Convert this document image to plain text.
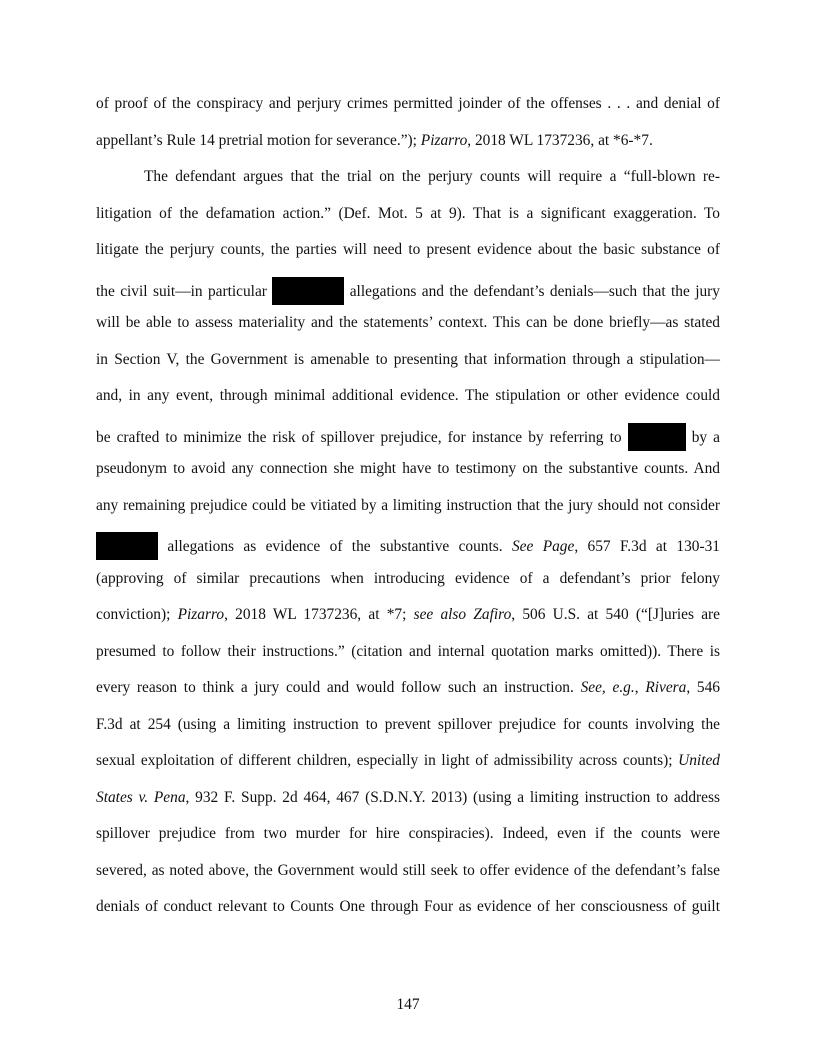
of proof of the conspiracy and perjury crimes permitted joinder of the offenses . . . and denial of
appellant’s Rule 14 pretrial motion for severance.”); Pizarro, 2018 WL 1737236, at *6-*7.
The defendant argues that the trial on the perjury counts will require a “full-blown re-
litigation of the defamation action.” (Def. Mot. 5 at 9). That is a significant exaggeration. To
litigate the perjury counts, the parties will need to present evidence about the basic substance of
the civil suit—in particular	allegations and the defendant’s denials—such that the jury
will be able to assess materiality and the statements’ context. This can be done briefly—as stated
in Section V, the Government is amenable to presenting that information through a stipulation—
and, in any event, through minimal additional evidence. The stipulation or other evidence could
be crafted to minimize the risk of spillover prejudice, for instance by referring to	by a
pseudonym to avoid any connection she might have to testimony on the substantive counts. And
any remaining prejudice could be vitiated by a limiting instruction that the jury should not consider
allegations as evidence of the substantive counts. See Page, 657 F.3d at 130-31
(approving of similar precautions when introducing evidence of a defendant’s prior felony
conviction); Pizarro, 2018 WL 1737236, at *7; see also Zafiro, 506 U.S. at 540 (“[J]uries are
presumed to follow their instructions.” (citation and internal quotation marks omitted)). There is
every reason to think a jury could and would follow such an instruction. See, e.g., Rivera, 546
F.3d at 254 (using a limiting instruction to prevent spillover prejudice for counts involving the
sexual exploitation of different children, especially in light of admissibility across counts); United
States v. Pena, 932 F. Supp. 2d 464, 467 (S.D.N.Y. 2013) (using a limiting instruction to address
spillover prejudice from two murder for hire conspiracies). Indeed, even if the counts were
severed, as noted above, the Government would still seek to offer evidence of the defendant’s false
denials of conduct relevant to Counts One through Four as evidence of her consciousness of guilt
147
